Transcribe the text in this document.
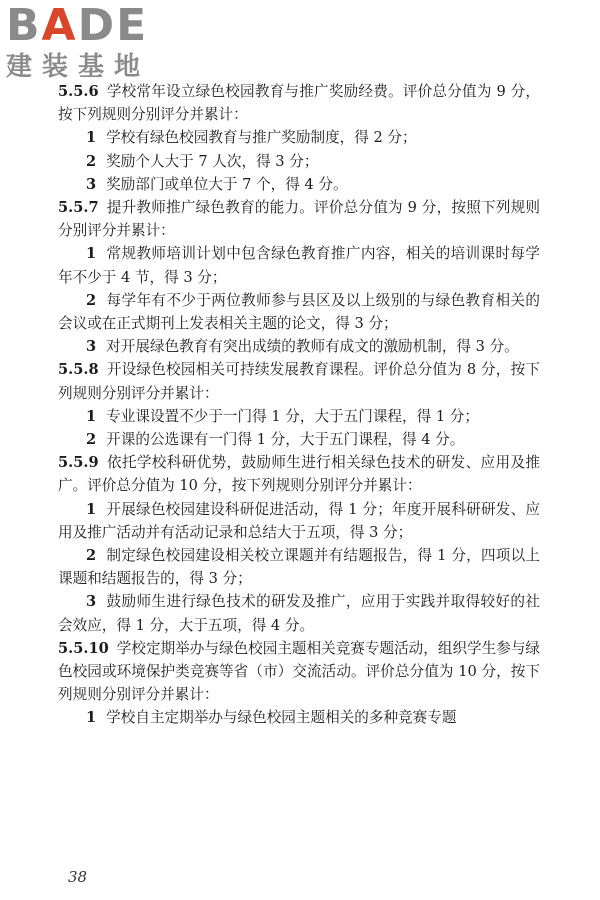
BADE
建装基地

5.5.6 学校常年设立绿色校园教育与推广奖励经费。评价总分值为 9 分，按下列规则分别评分并累计：

1 学校有绿色校园教育与推广奖励制度，得 2 分；

2 奖励个人大于 7 人次，得 3 分；

3 奖励部门或单位大于 7 个，得 4 分。

5.5.7 提升教师推广绿色教育的能力。评价总分值为 9 分，按照下列规则分别评分并累计：

1 常规教师培训计划中包含绿色教育推广内容，相关的培训课时每学年不少于 4 节，得 3 分；

2 每学年有不少于两位教师参与县区及以上级别的与绿色教育相关的会议或在正式期刊上发表相关主题的论文，得 3 分；

3 对开展绿色教育有突出成绩的教师有成文的激励机制，得 3 分。

5.5.8 开设绿色校园相关可持续发展教育课程。评价总分值为 8 分，按下列规则分别评分并累计：

1 专业课设置不少于一门得 1 分，大于五门课程，得 1 分；

2 开课的公选课有一门得 1 分，大于五门课程，得 4 分。

5.5.9 依托学校科研优势，鼓励师生进行相关绿色技术的研发、应用及推广。评价总分值为 10 分，按下列规则分别评分并累计：

1 开展绿色校园建设科研促进活动，得 1 分；年度开展科研研发、应用及推广活动并有活动记录和总结大于五项，得 3 分；

2 制定绿色校园建设相关校立课题并有结题报告，得 1 分，四项以上课题和结题报告的，得 3 分；

3 鼓励师生进行绿色技术的研发及推广，应用于实践并取得较好的社会效应，得 1 分，大于五项，得 4 分。

5.5.10 学校定期举办与绿色校园主题相关竞赛专题活动，组织学生参与绿色校园或环境保护类竞赛等省（市）交流活动。评价总分值为 10 分，按下列规则分别评分并累计：

1 学校自主定期举办与绿色校园主题相关的多种竞赛专题

38
